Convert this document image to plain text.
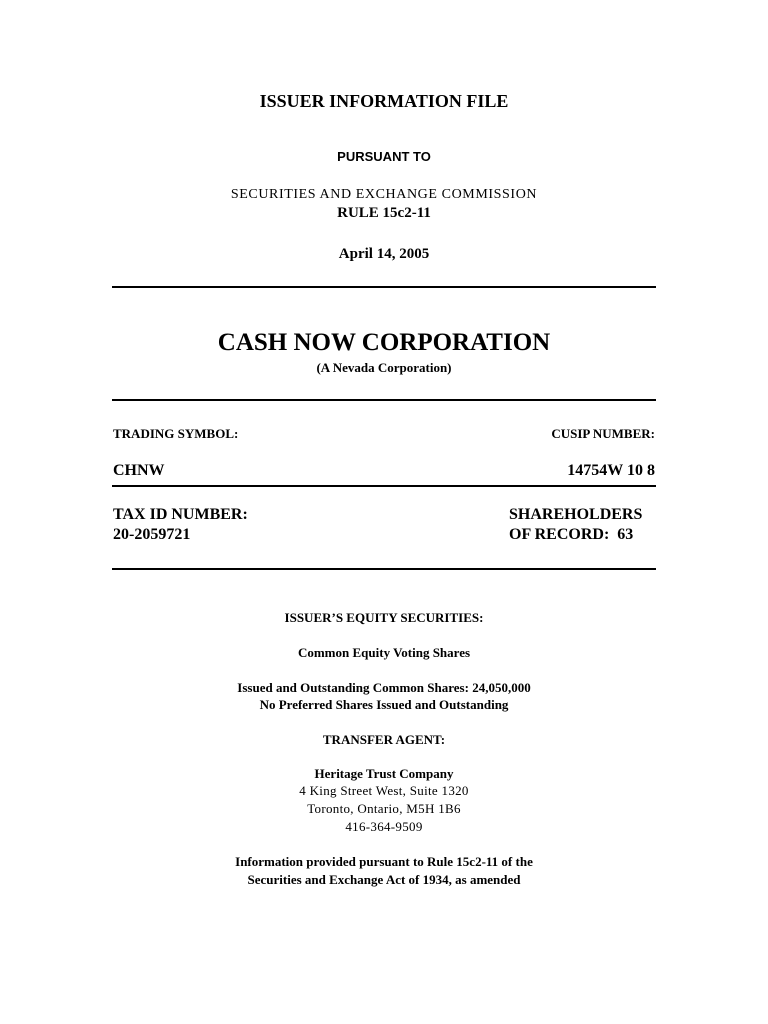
ISSUER INFORMATION FILE
PURSUANT TO
SECURITIES AND EXCHANGE COMMISSION
RULE 15c2-11
April 14, 2005
CASH NOW CORPORATION
(A Nevada Corporation)
TRADING SYMBOL:	CUSIP NUMBER:
CHNW	14754W 10 8
TAX ID NUMBER:
20-2059721
SHAREHOLDERS
OF RECORD:  63
ISSUER’S EQUITY SECURITIES:
Common Equity Voting Shares
Issued and Outstanding Common Shares: 24,050,000
No Preferred Shares Issued and Outstanding
TRANSFER AGENT:
Heritage Trust Company
4 King Street West, Suite 1320
Toronto, Ontario, M5H 1B6
416-364-9509
Information provided pursuant to Rule 15c2-11 of the
Securities and Exchange Act of 1934, as amended
